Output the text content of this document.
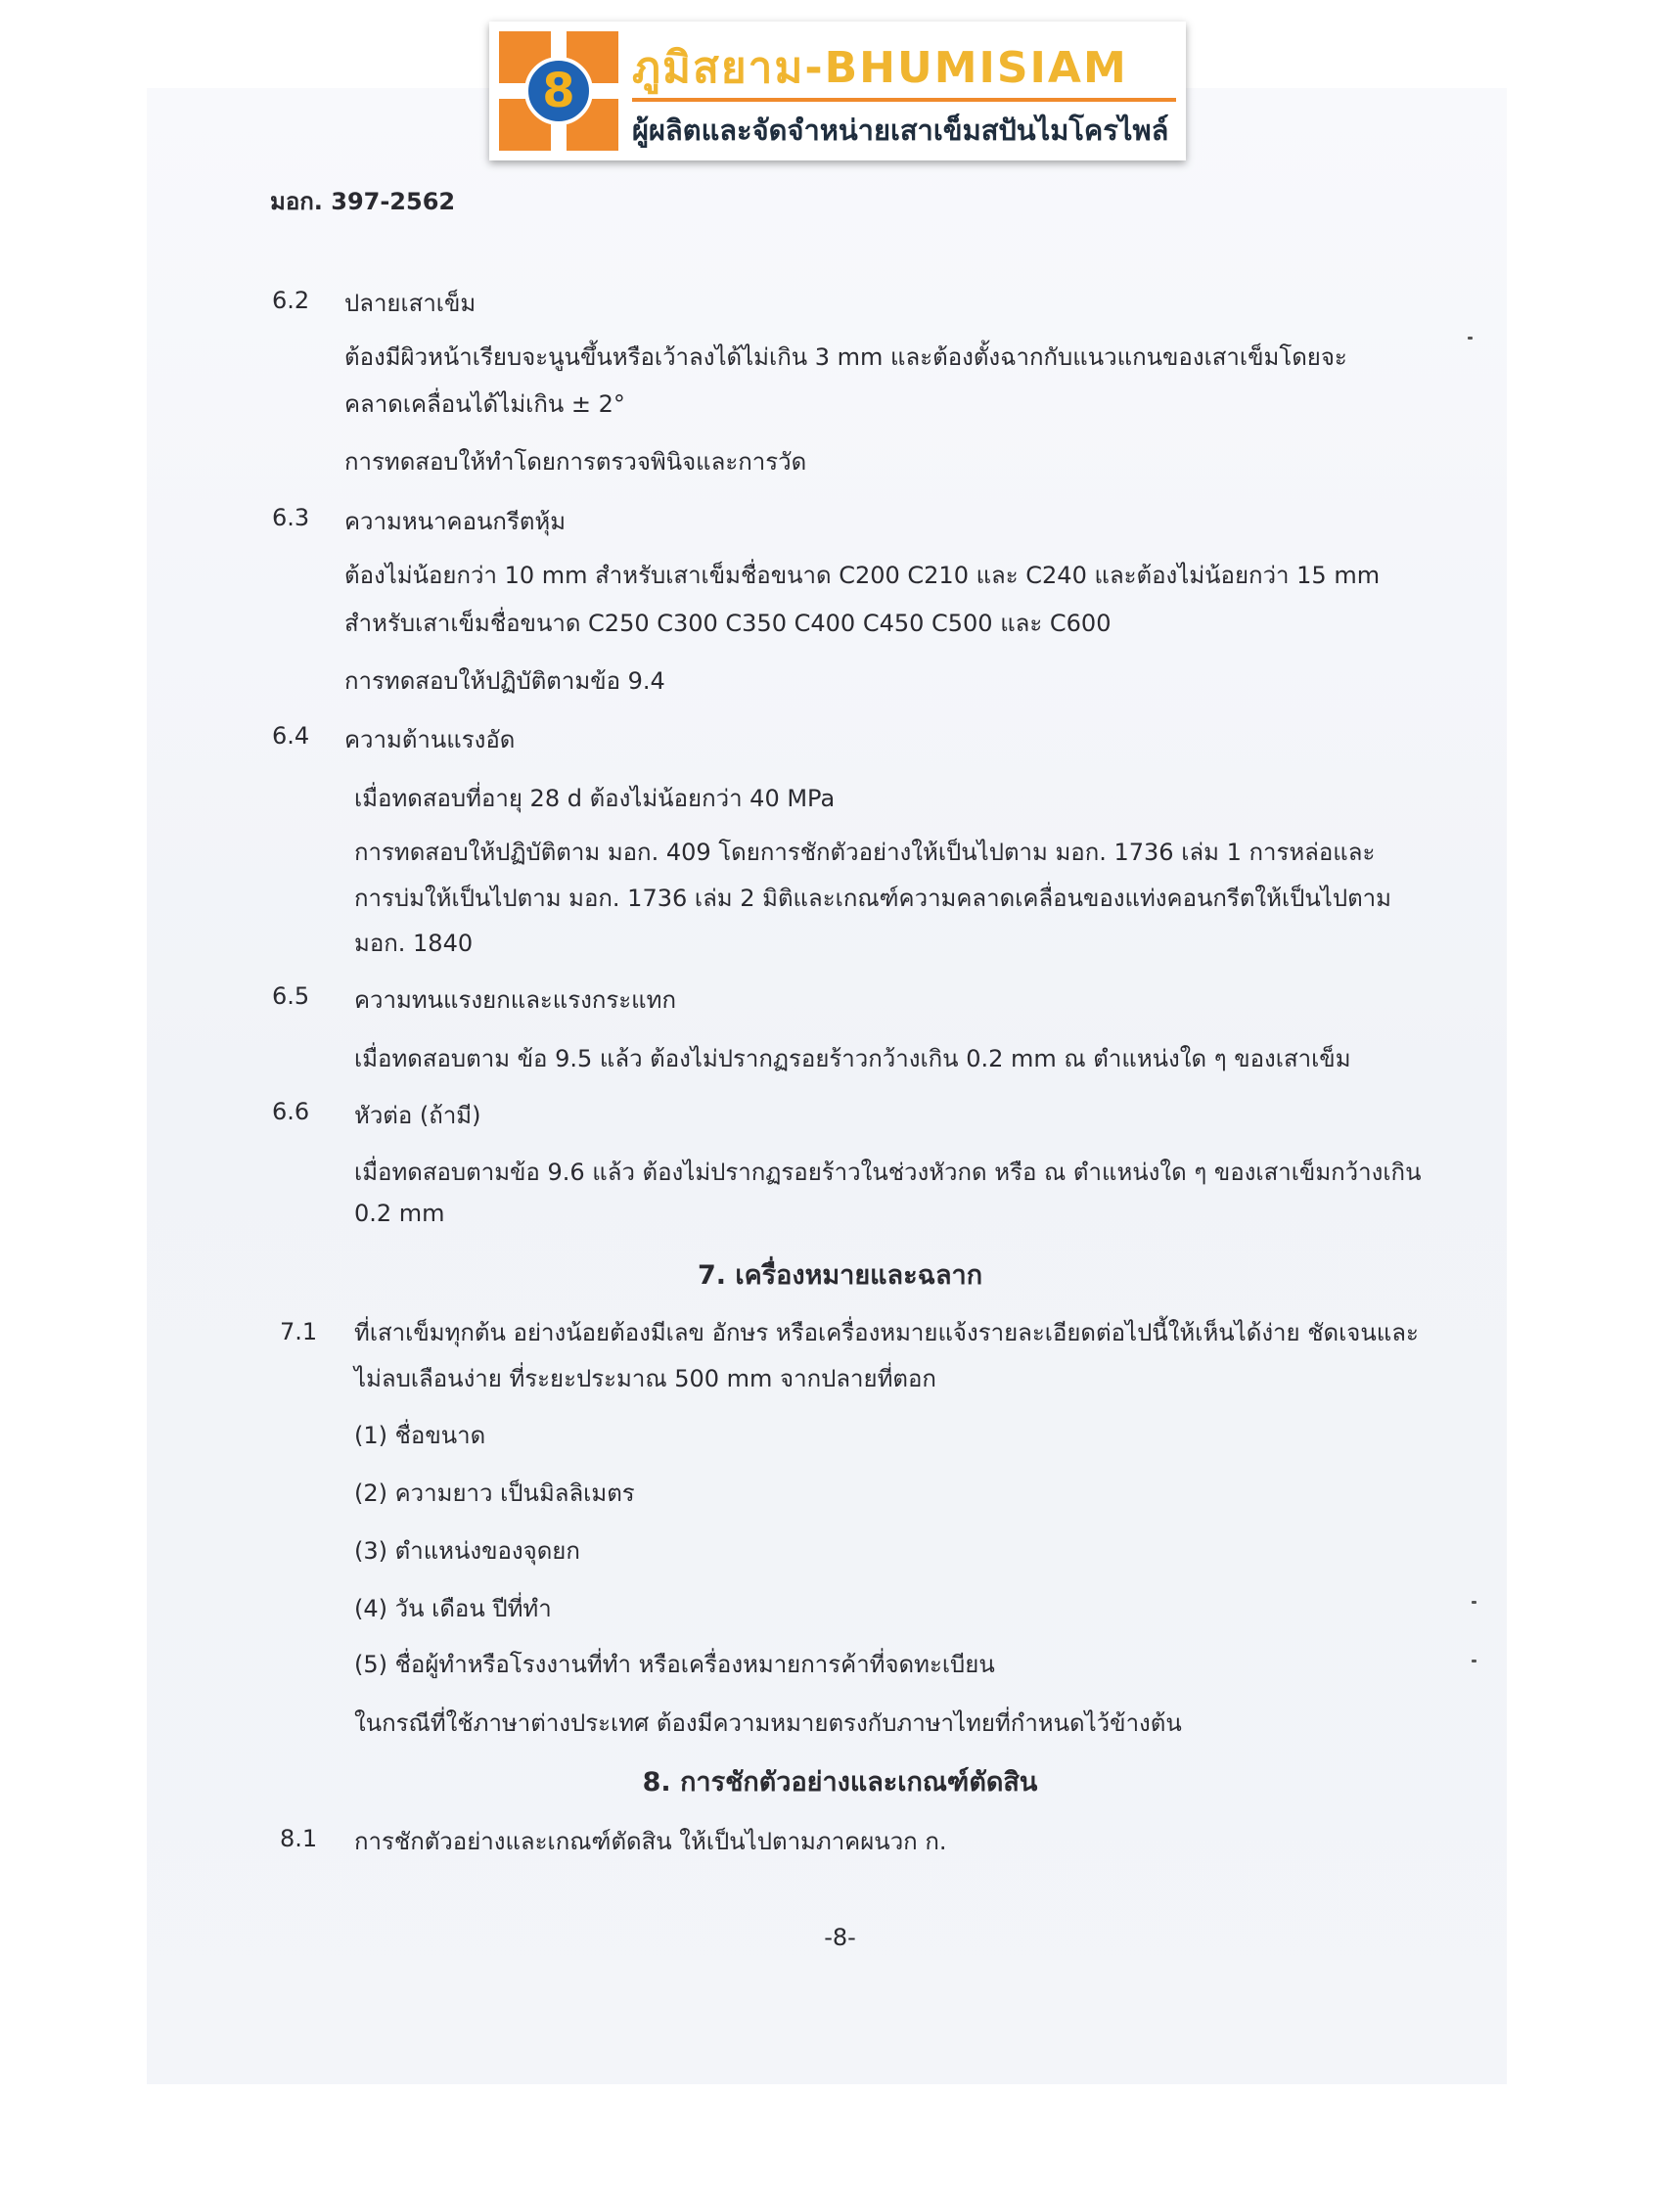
8 ภูมิสยาม-BHUMISIAM
ผู้ผลิตและจัดจำหน่ายเสาเข็มสปันไมโครไพล์
มอก. 397-2562
6.2 ปลายเสาเข็ม
ต้องมีผิวหน้าเรียบจะนูนขึ้นหรือเว้าลงได้ไม่เกิน 3 mm และต้องตั้งฉากกับแนวแกนของเสาเข็มโดยจะ
คลาดเคลื่อนได้ไม่เกิน ± 2°
การทดสอบให้ทำโดยการตรวจพินิจและการวัด
6.3 ความหนาคอนกรีตหุ้ม
ต้องไม่น้อยกว่า 10 mm สำหรับเสาเข็มชื่อขนาด C200 C210 และ C240 และต้องไม่น้อยกว่า 15 mm
สำหรับเสาเข็มชื่อขนาด C250 C300 C350 C400 C450 C500 และ C600
การทดสอบให้ปฏิบัติตามข้อ 9.4
6.4 ความต้านแรงอัด
เมื่อทดสอบที่อายุ 28 d ต้องไม่น้อยกว่า 40 MPa
การทดสอบให้ปฏิบัติตาม มอก. 409 โดยการชักตัวอย่างให้เป็นไปตาม มอก. 1736 เล่ม 1 การหล่อและ
การบ่มให้เป็นไปตาม มอก. 1736 เล่ม 2 มิติและเกณฑ์ความคลาดเคลื่อนของแท่งคอนกรีตให้เป็นไปตาม
มอก. 1840
6.5 ความทนแรงยกและแรงกระแทก
เมื่อทดสอบตาม ข้อ 9.5 แล้ว ต้องไม่ปรากฏรอยร้าวกว้างเกิน 0.2 mm ณ ตำแหน่งใด ๆ ของเสาเข็ม
6.6 หัวต่อ (ถ้ามี)
เมื่อทดสอบตามข้อ 9.6 แล้ว ต้องไม่ปรากฏรอยร้าวในช่วงหัวกด หรือ ณ ตำแหน่งใด ๆ ของเสาเข็มกว้างเกิน
0.2 mm
7. เครื่องหมายและฉลาก
7.1 ที่เสาเข็มทุกต้น อย่างน้อยต้องมีเลข อักษร หรือเครื่องหมายแจ้งรายละเอียดต่อไปนี้ให้เห็นได้ง่าย ชัดเจนและ
ไม่ลบเลือนง่าย ที่ระยะประมาณ 500 mm จากปลายที่ตอก
(1) ชื่อขนาด
(2) ความยาว เป็นมิลลิเมตร
(3) ตำแหน่งของจุดยก
(4) วัน เดือน ปีที่ทำ
(5) ชื่อผู้ทำหรือโรงงานที่ทำ หรือเครื่องหมายการค้าที่จดทะเบียน
ในกรณีที่ใช้ภาษาต่างประเทศ ต้องมีความหมายตรงกับภาษาไทยที่กำหนดไว้ข้างต้น
8. การชักตัวอย่างและเกณฑ์ตัดสิน
8.1 การชักตัวอย่างและเกณฑ์ตัดสิน ให้เป็นไปตามภาคผนวก ก.
-8-
